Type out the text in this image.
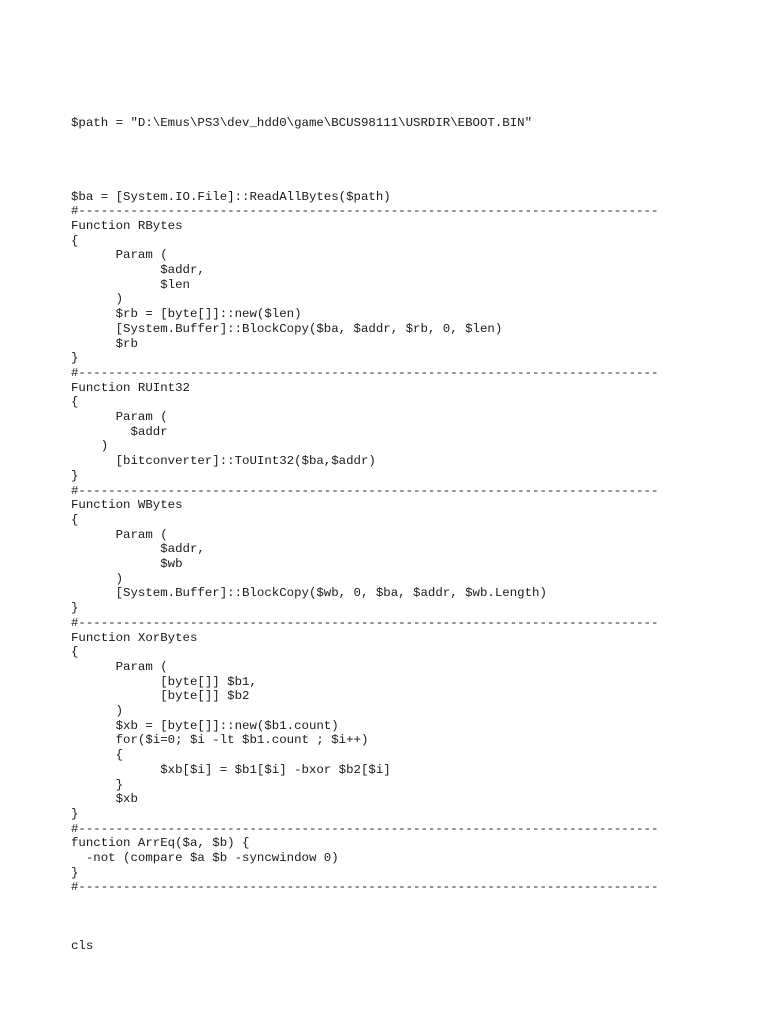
$path = "D:\Emus\PS3\dev_hdd0\game\BCUS98111\USRDIR\EBOOT.BIN"
$ba = [System.IO.File]::ReadAllBytes($path)
#------------------------------------------------------------------------------
Function RBytes
{
Param (
$addr,
$len
)
$rb = [byte[]]::new($len)
[System.Buffer]::BlockCopy($ba, $addr, $rb, 0, $len)
$rb
}
#------------------------------------------------------------------------------
Function RUInt32
{
Param (
$addr
)
[bitconverter]::ToUInt32($ba,$addr)
}
#------------------------------------------------------------------------------
Function WBytes
{
Param (
$addr,
$wb
)
[System.Buffer]::BlockCopy($wb, 0, $ba, $addr, $wb.Length)
}
#------------------------------------------------------------------------------
Function XorBytes
{
Param (
[byte[]] $b1,
[byte[]] $b2
)
$xb = [byte[]]::new($b1.count)
for($i=0; $i -lt $b1.count ; $i++)
{
$xb[$i] = $b1[$i] -bxor $b2[$i]
}
$xb
}
#------------------------------------------------------------------------------
function ArrEq($a, $b) {
-not (compare $a $b -syncwindow 0)
}
#------------------------------------------------------------------------------
cls
